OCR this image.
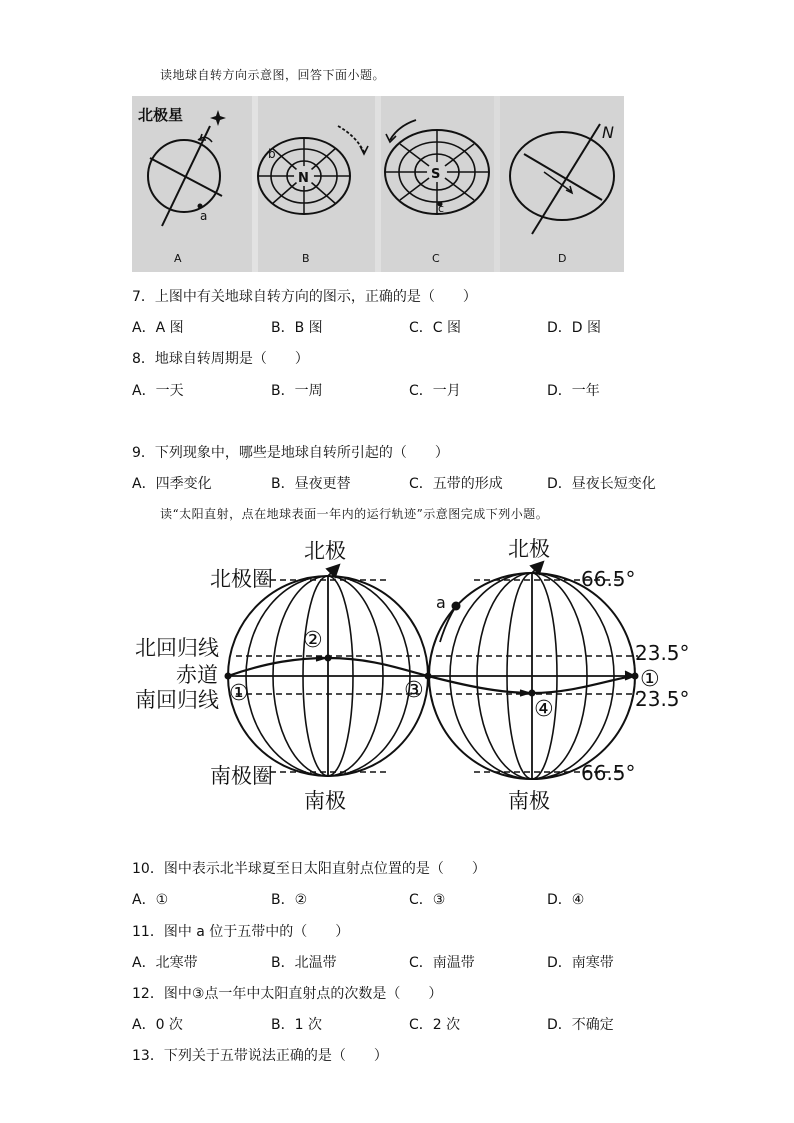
读地球自转方向示意图，回答下面小题。
北极星
a
A
N
b
B
S
c
C
N
D
7．上图中有关地球自转方向的图示，正确的是（　　）
A．A 图	B．B 图	C．C 图	D．D 图
8．地球自转周期是（　　）
A．一天	B．一周	C．一月	D．一年
9．下列现象中，哪些是地球自转所引起的（　　）
A．四季变化	B．昼夜更替	C．五带的形成	D．昼夜长短变化
读“太阳直射，点在地球表面一年内的运行轨迹”示意图完成下列小题。
a
北极	北极
北极圈
北回归线
赤道
南回归线
南极圈
南极	南极
66.5°
23.5°
23.5°
66.5°
①
②
③
④
①
10．图中表示北半球夏至日太阳直射点位置的是（　　）
A．①	B．②	C．③	D．④
11．图中 a 位于五带中的（　　）
A．北寒带	B．北温带	C．南温带	D．南寒带
12．图中③点一年中太阳直射点的次数是（　　）
A．0 次	B．1 次	C．2 次	D．不确定
13．下列关于五带说法正确的是（　　）
